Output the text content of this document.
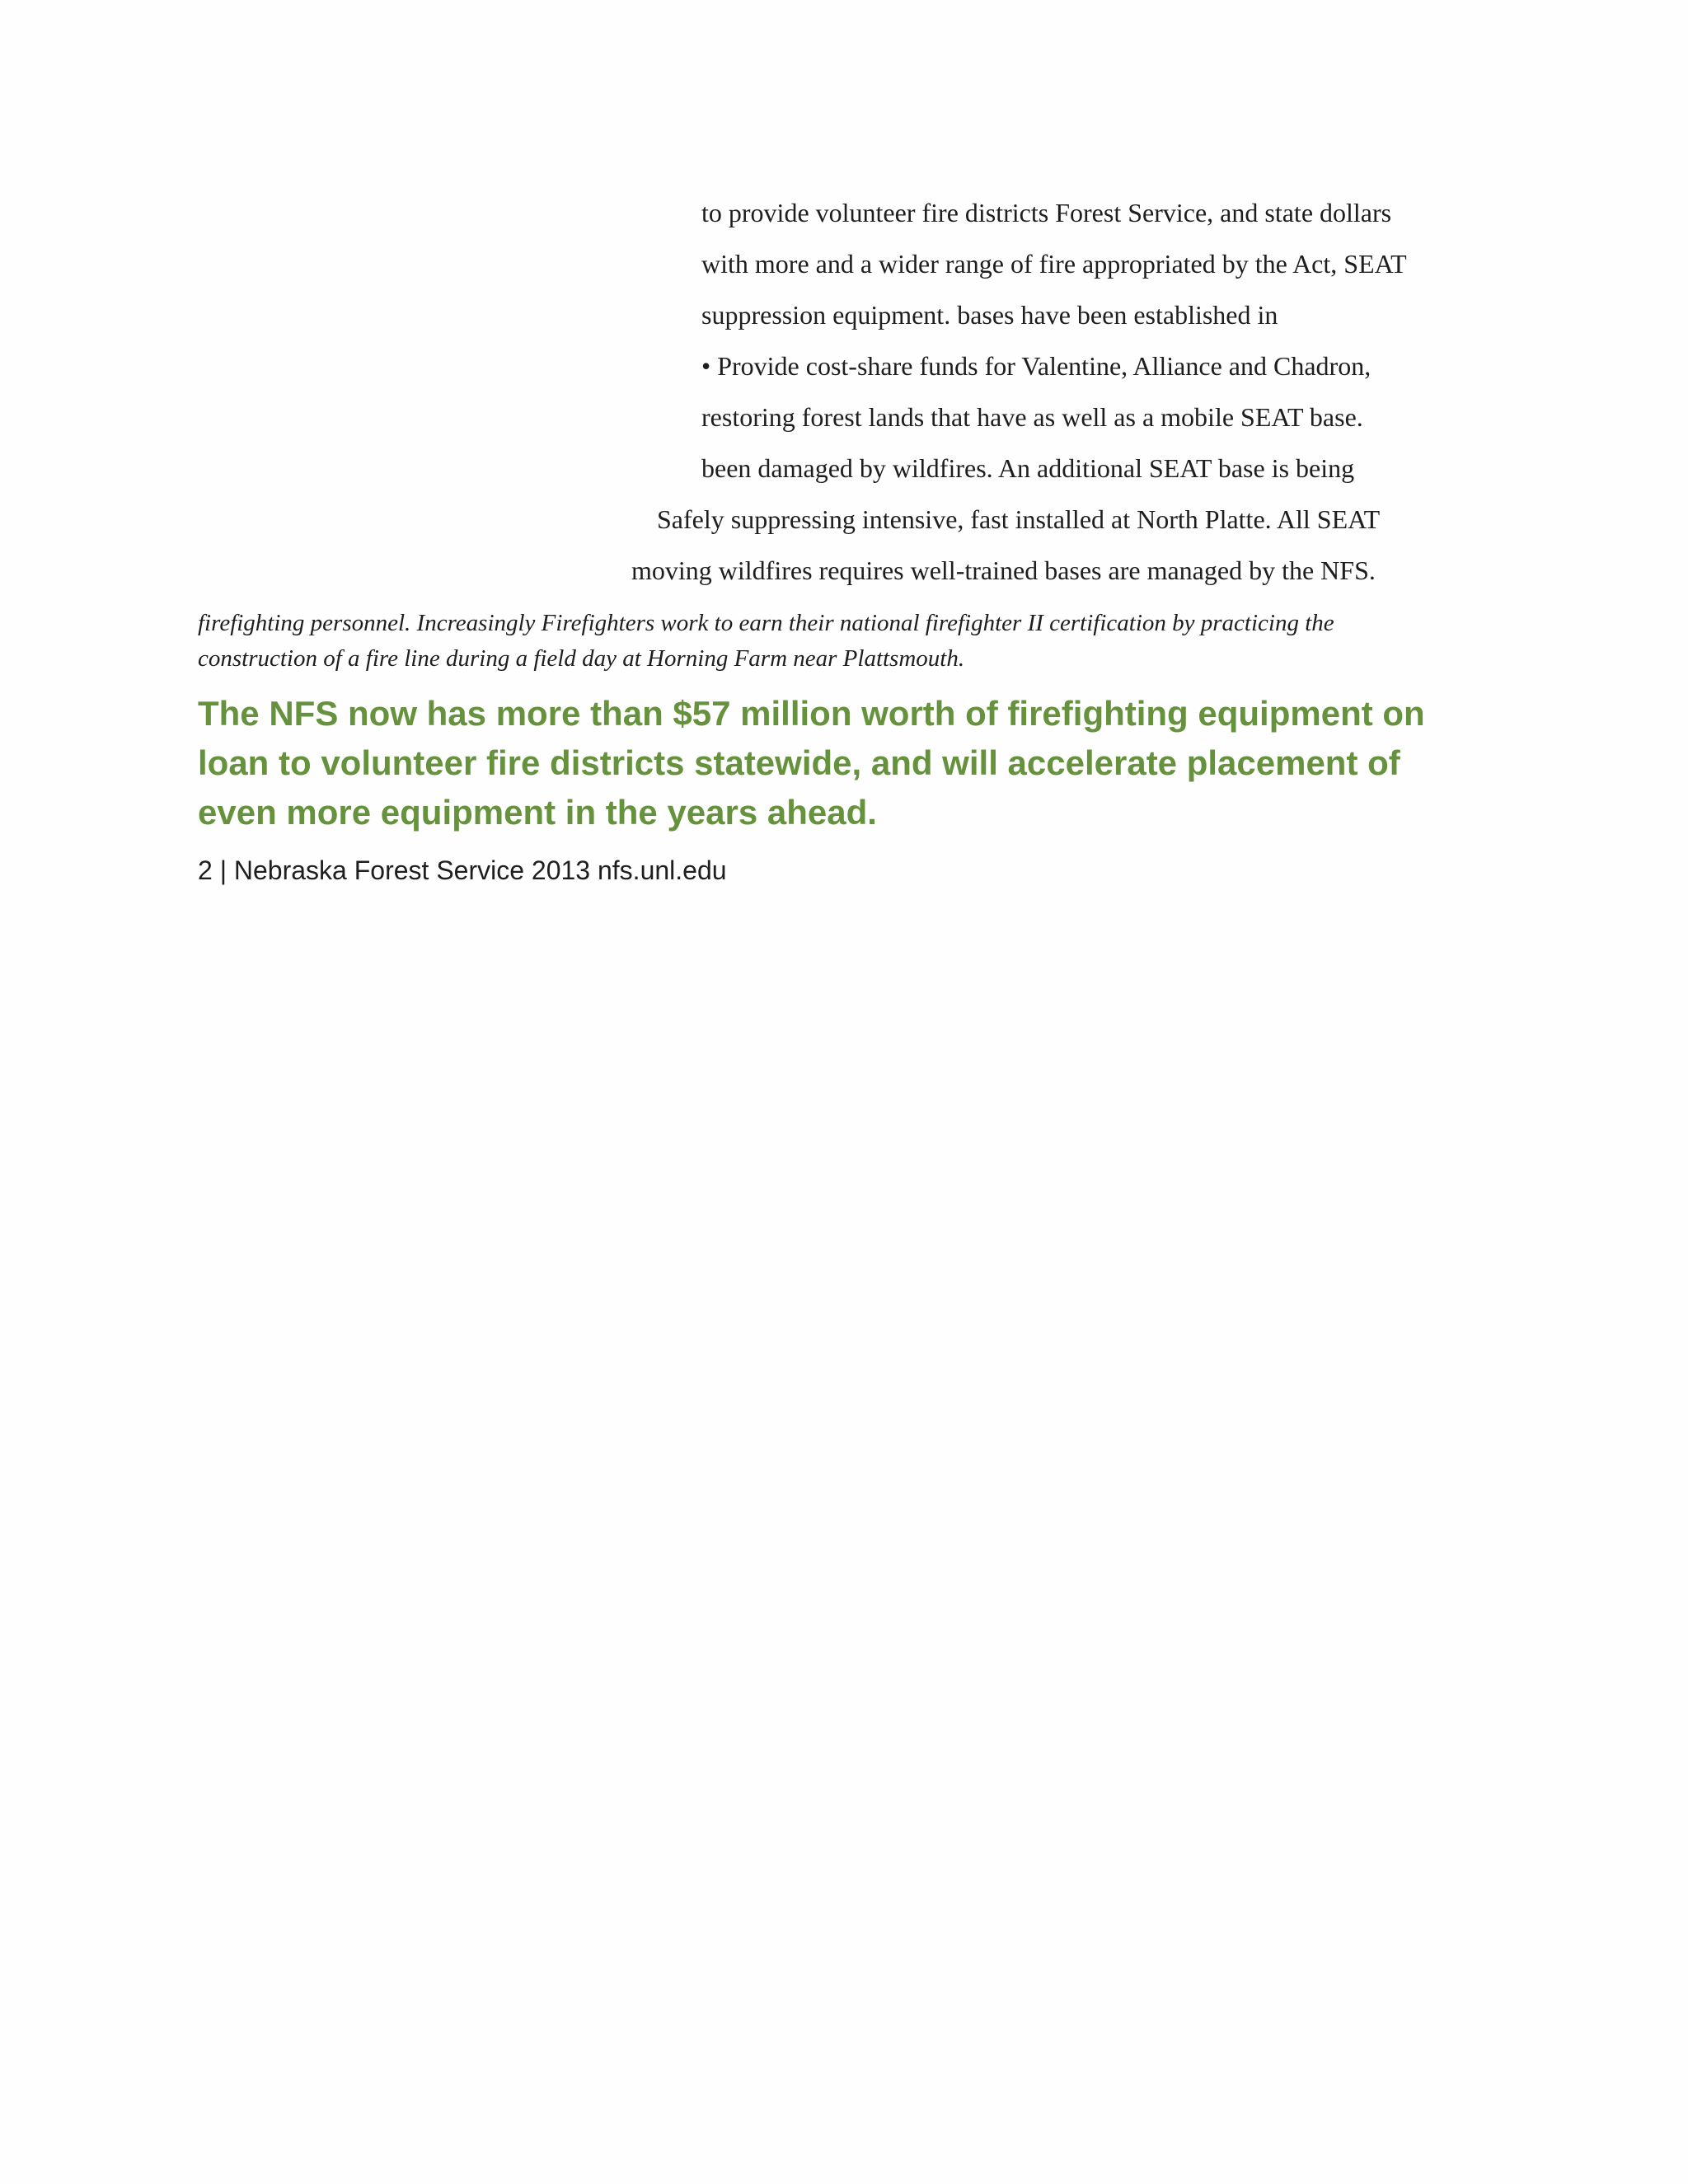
to provide volunteer fire districts Forest Service, and state dollars
with more and a wider range of fire appropriated by the Act, SEAT
suppression equipment. bases have been established in
• Provide cost-share funds for Valentine, Alliance and Chadron,
restoring forest lands that have as well as a mobile SEAT base.
been damaged by wildfires. An additional SEAT base is being
Safely suppressing intensive, fast installed at North Platte. All SEAT
moving wildfires requires well-trained bases are managed by the NFS.
firefighting personnel. Increasingly Firefighters work to earn their national firefighter II certification by practicing the
construction of a fire line during a field day at Horning Farm near Plattsmouth.
The NFS now has more than $57 million worth of firefighting equipment on
loan to volunteer fire districts statewide, and will accelerate placement of
even more equipment in the years ahead.
2 | Nebraska Forest Service 2013 nfs.unl.edu
